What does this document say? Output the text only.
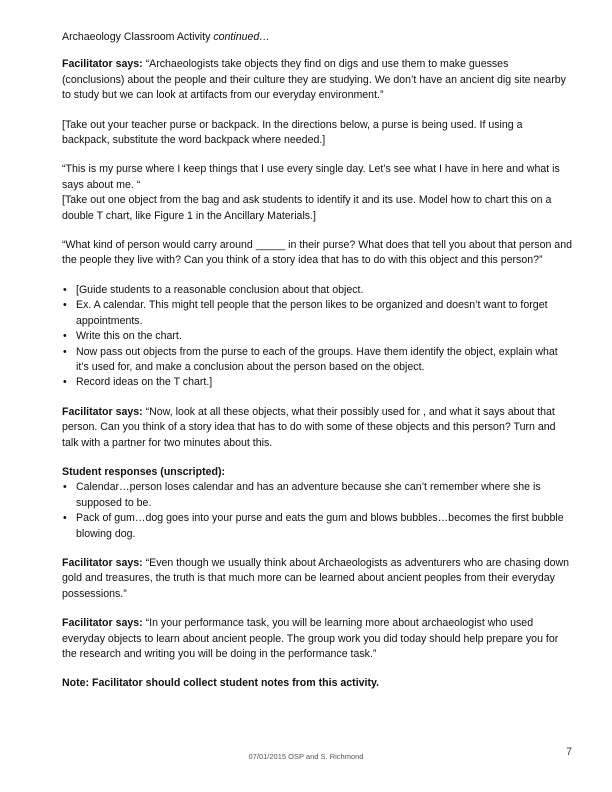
Archaeology Classroom Activity continued…

Facilitator says: “Archaeologists take objects they find on digs and use them to make guesses (conclusions) about the people and their culture they are studying. We don’t have an ancient dig site nearby to study but we can look at artifacts from our everyday environment.”

[Take out your teacher purse or backpack. In the directions below, a purse is being used. If using a backpack, substitute the word backpack where needed.]

“This is my purse where I keep things that I use every single day. Let’s see what I have in here and what is says about me. “
[Take out one object from the bag and ask students to identify it and its use. Model how to chart this on a double T chart, like Figure 1 in the Ancillary Materials.]

“What kind of person would carry around _____ in their purse? What does that tell you about that person and the people they live with? Can you think of a story idea that has to do with this object and this person?”

• [Guide students to a reasonable conclusion about that object.
• Ex. A calendar. This might tell people that the person likes to be organized and doesn’t want to forget appointments.
• Write this on the chart.
• Now pass out objects from the purse to each of the groups. Have them identify the object, explain what it’s used for, and make a conclusion about the person based on the object.
• Record ideas on the T chart.]

Facilitator says: “Now, look at all these objects, what their possibly used for , and what it says about that person. Can you think of a story idea that has to do with some of these objects and this person? Turn and talk with a partner for two minutes about this.

Student responses (unscripted):

• Calendar…person loses calendar and has an adventure because she can’t remember where she is supposed to be.
• Pack of gum…dog goes into your purse and eats the gum and blows bubbles…becomes the first bubble blowing dog.

Facilitator says: “Even though we usually think about Archaeologists as adventurers who are chasing down gold and treasures, the truth is that much more can be learned about ancient peoples from their everyday possessions.”

Facilitator says: “In your performance task, you will be learning more about archaeologist who used everyday objects to learn about ancient people. The group work you did today should help prepare you for the research and writing you will be doing in the performance task.”

Note: Facilitator should collect student notes from this activity.

07/01/2015 OSP and S. Richmond	7
